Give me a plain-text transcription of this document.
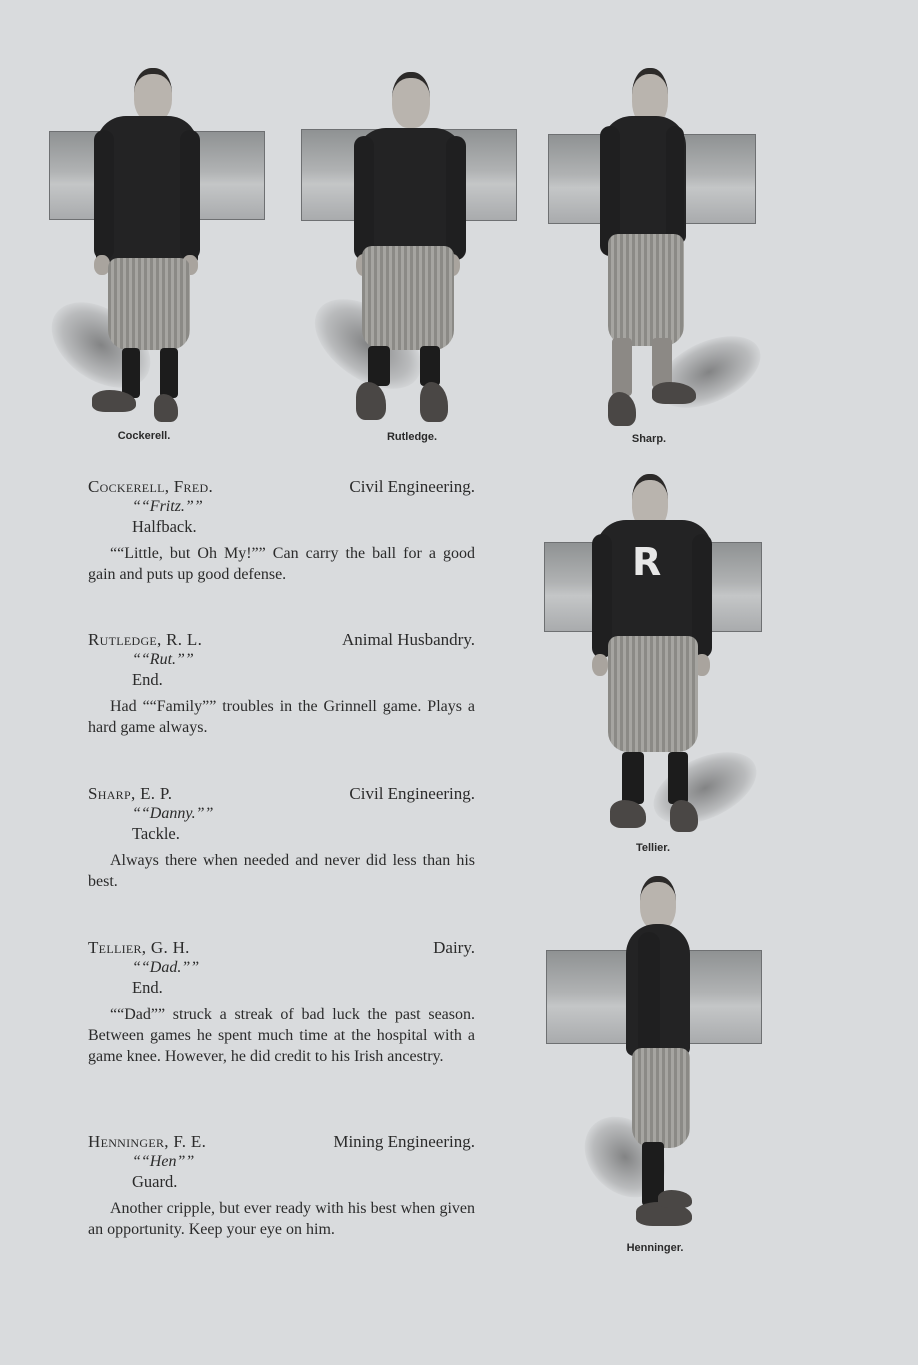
Cockerell.	Rutledge.	Sharp.
R
Tellier.
Henninger.
Cockerell, Fred.	Civil Engineering.
““Fritz.””
Halfback.
““Little, but Oh My!”” Can carry the ball for a good gain and puts up good defense.
Rutledge, R. L.	Animal Husbandry.
““Rut.””
End.
Had ““Family”” troubles in the Grinnell game. Plays a hard game always.
Sharp, E. P.	Civil Engineering.
““Danny.””
Tackle.
Always there when needed and never did less than his best.
Tellier, G. H.	Dairy.
““Dad.””
End.
““Dad”” struck a streak of bad luck the past season. Between games he spent much time at the hospital with a game knee. However, he did credit to his Irish ancestry.
Henninger, F. E.	Mining Engineering.
““Hen””
Guard.
Another cripple, but ever ready with his best when given an opportunity. Keep your eye on him.
